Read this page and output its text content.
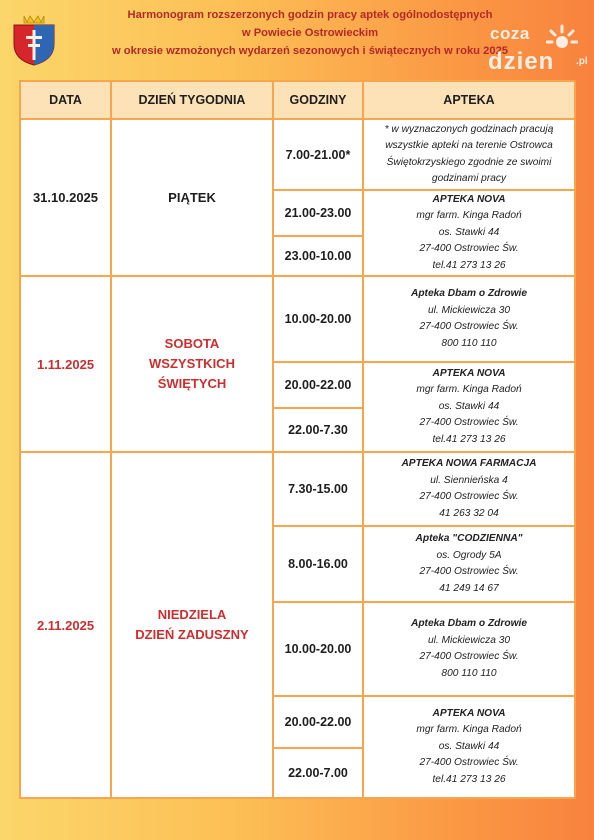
Harmonogram rozszerzonych godzin pracy aptek ogólnodostępnych
w Powiecie Ostrowieckim
w okresie wzmożonych wydarzeń sezonowych i świątecznych w roku 2025
coza
dzien .pl
DATA	DZIEŃ TYGODNIA	GODZINY	APTEKA
31.10.2025	PIĄTEK	7.00-21.00*	* w wyznaczonych godzinach pracują wszystkie apteki na terenie Ostrowca Świętokrzyskiego zgodnie ze swoimi godzinami pracy

		21.00-23.00	APTEKA NOVA
mgr farm. Kinga Radoń
os. Stawki 44
27-400 Ostrowiec Św.
tel.41 273 13 26

		23.00-10.00	
1.11.2025	SOBOTA
WSZYSTKICH
ŚWIĘTYCH	10.00-20.00	Apteka Dbam o Zdrowie
ul. Mickiewicza 30
27-400 Ostrowiec Św.
800 110 110

		20.00-22.00	APTEKA NOVA
mgr farm. Kinga Radoń
os. Stawki 44
27-400 Ostrowiec Św.
tel.41 273 13 26

		22.00-7.30	
2.11.2025	NIEDZIELA
DZIEŃ ZADUSZNY	7.30-15.00	APTEKA NOWA FARMACJA
ul. Siennieńska 4
27-400 Ostrowiec Św.
41 263 32 04

		8.00-16.00	Apteka "CODZIENNA"
os. Ogrody 5A
27-400 Ostrowiec Św.
41 249 14 67

		10.00-20.00	Apteka Dbam o Zdrowie
ul. Mickiewicza 30
27-400 Ostrowiec Św.
800 110 110

		20.00-22.00	APTEKA NOVA
mgr farm. Kinga Radoń
os. Stawki 44
27-400 Ostrowiec Św.
tel.41 273 13 26

		22.00-7.00	
